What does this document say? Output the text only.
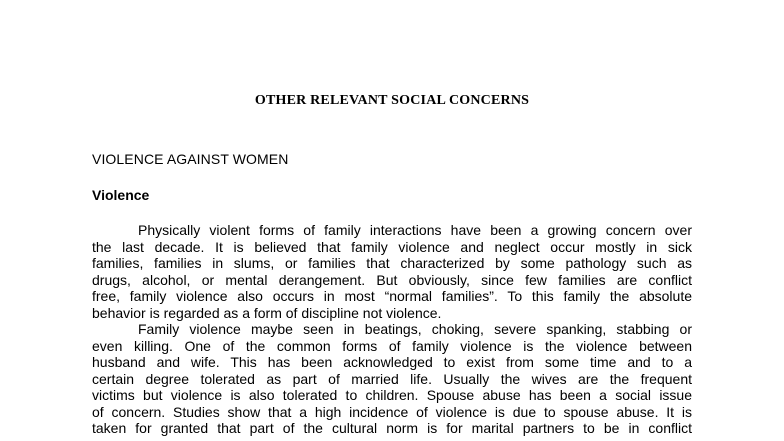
OTHER RELEVANT SOCIAL CONCERNS
VIOLENCE AGAINST WOMEN
Violence
Physically violent forms of family interactions have been a growing concern over
the last decade. It is believed that family violence and neglect occur mostly in sick
families, families in slums, or families that characterized by some pathology such as
drugs, alcohol, or mental derangement. But obviously, since few families are conflict
free, family violence also occurs in most “normal families”. To this family the absolute
behavior is regarded as a form of discipline not violence.
Family violence maybe seen in beatings, choking, severe spanking, stabbing or
even killing. One of the common forms of family violence is the violence between
husband and wife. This has been acknowledged to exist from some time and to a
certain degree tolerated as part of married life. Usually the wives are the frequent
victims but violence is also tolerated to children. Spouse abuse has been a social issue
of concern. Studies show that a high incidence of violence is due to spouse abuse. It is
taken for granted that part of the cultural norm is for marital partners to be in conflict
